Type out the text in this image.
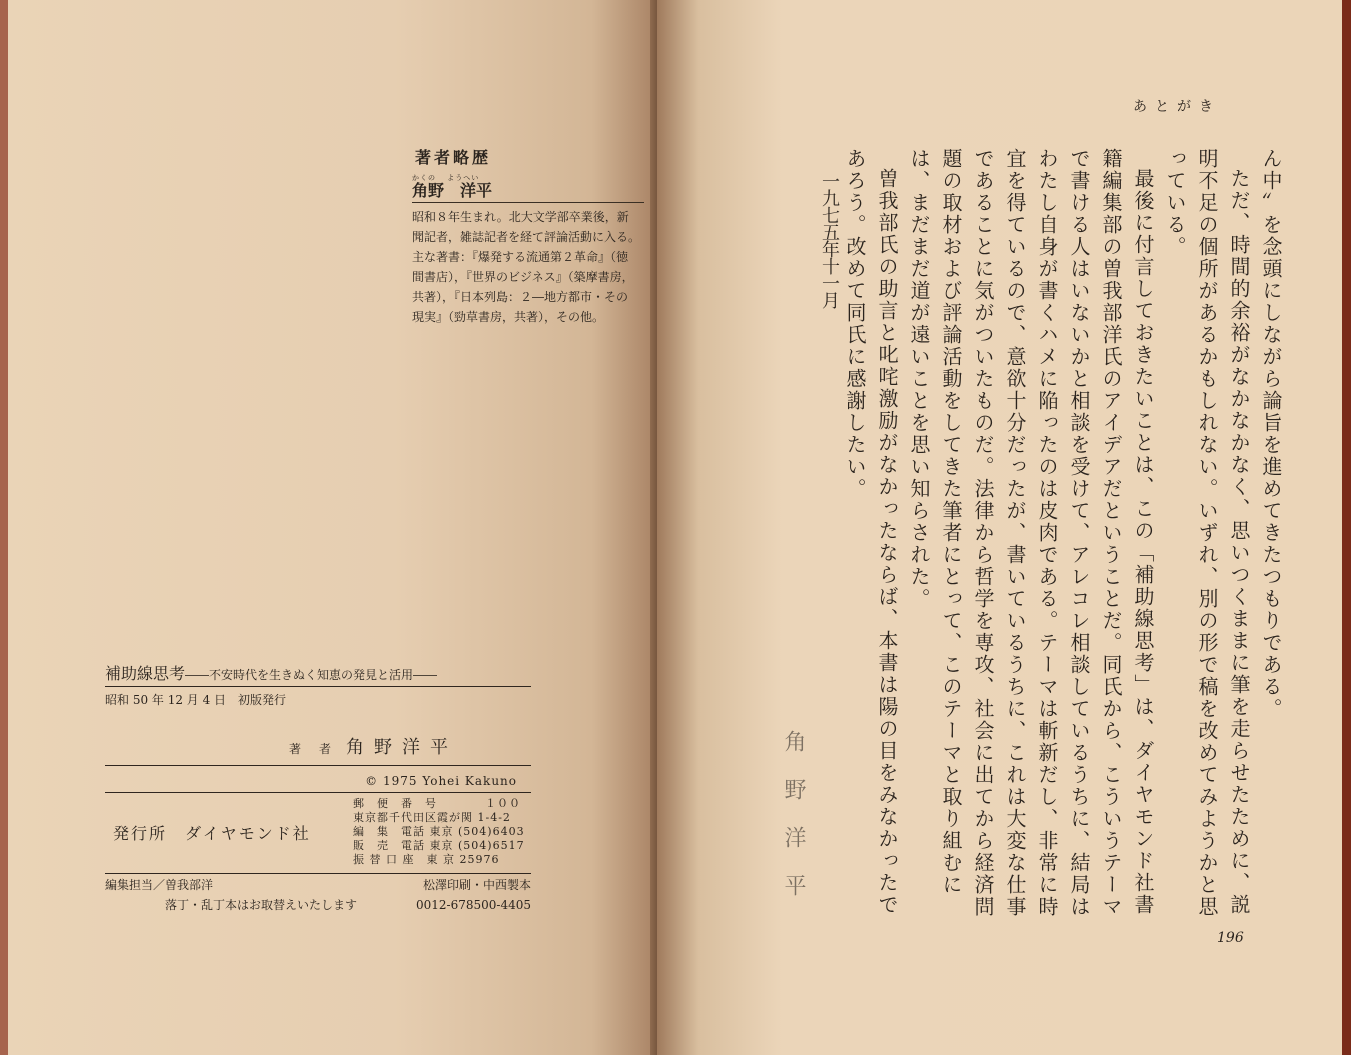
著者略歴
かくの　 ようへい
角野　洋平
昭和８年生まれ。北大文学部卒業後，新
聞記者，雑誌記者を経て評論活動に入る。
主な著書：『爆発する流通第２革命』（徳
間書店），『世界のビジネス』（築摩書房，
共著），『日本列島：２―地方都市・その
現実』（勁草書房，共著），その他。
補助線思考――不安時代を生きぬく知恵の発見と活用――
昭和 50 年 12 月 4 日　初版発行
著　者 角野洋平
© 1975 Yohei Kakuno
発行所　 ダイヤモンド社
郵　便　番　号　　　　１００
東京都千代田区霞が関 1-4-2
編　集　電話 東京 (504)6403
販　売　電話 東京 (504)6517
振 替 口 座　東 京 25976
編集担当／曽我部洋	松澤印刷・中西製本
落丁・乱丁本はお取替えいたします	0012-678500-4405
あとがき

ん中〟を念頭にしながら論旨を進めてきたつもりである。

ただ、時間的余裕がなかなかなく、思いつくままに筆を走らせたために、説明不足の個所があるかもしれない。いずれ、別の形で稿を改めてみようかと思っている。

最後に付言しておきたいことは、この「補助線思考」は、ダイヤモンド社書籍編集部の曽我部洋氏のアイデアだということだ。同氏から、こういうテーマで書ける人はいないかと相談を受けて、アレコレ相談しているうちに、結局はわたし自身が書くハメに陥ったのは皮肉である。テーマは斬新だし、非常に時宜を得ているので、意欲十分だったが、書いているうちに、これは大変な仕事であることに気がついたものだ。法律から哲学を専攻、社会に出てから経済問題の取材および評論活動をしてきた筆者にとって、このテーマと取り組むには、まだまだ道が遠いことを思い知らされた。

曽我部氏の助言と叱咤激励がなかったならば、本書は陽の目をみなかったであろう。改めて同氏に感謝したい。

一九七五年十一月
角野洋平
196
